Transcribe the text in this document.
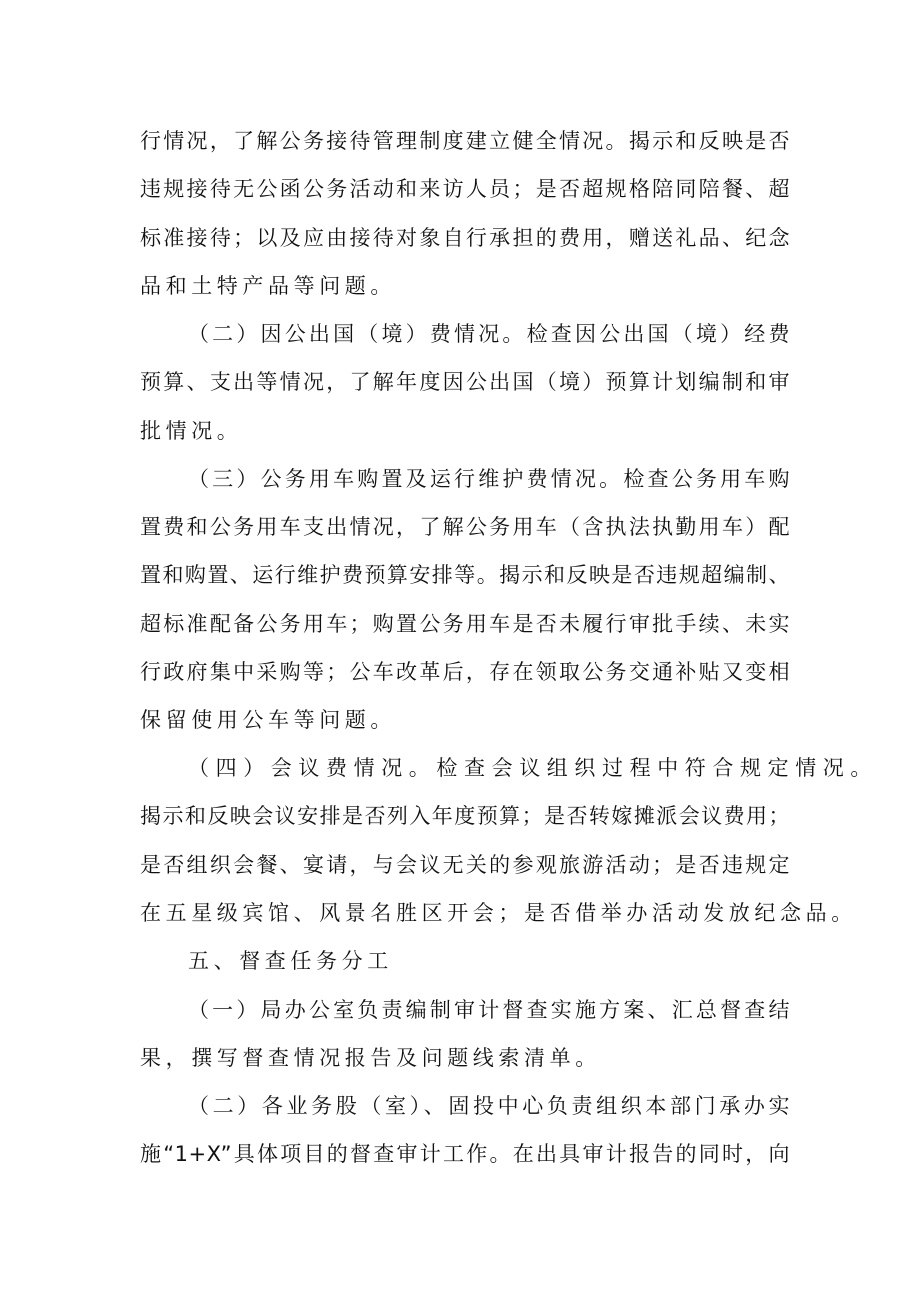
行情况，了解公务接待管理制度建立健全情况。揭示和反映是否

违规接待无公函公务活动和来访人员；是否超规格陪同陪餐、超

标准接待；以及应由接待对象自行承担的费用，赠送礼品、纪念

品和土特产品等问题。

（二）因公出国（境）费情况。检查因公出国（境）经费

预算、支出等情况，了解年度因公出国（境）预算计划编制和审

批情况。

（三）公务用车购置及运行维护费情况。检查公务用车购

置费和公务用车支出情况，了解公务用车（含执法执勤用车）配

置和购置、运行维护费预算安排等。揭示和反映是否违规超编制、

超标准配备公务用车；购置公务用车是否未履行审批手续、未实

行政府集中采购等；公车改革后，存在领取公务交通补贴又变相

保留使用公车等问题。

（四）会议费情况。检查会议组织过程中符合规定情况。

揭示和反映会议安排是否列入年度预算；是否转嫁摊派会议费用；

是否组织会餐、宴请，与会议无关的参观旅游活动；是否违规定

在五星级宾馆、风景名胜区开会；是否借举办活动发放纪念品。

五、督查任务分工

（一）局办公室负责编制审计督查实施方案、汇总督查结

果，撰写督查情况报告及问题线索清单。

（二）各业务股（室）、固投中心负责组织本部门承办实

施“1+X”具体项目的督查审计工作。在出具审计报告的同时，向
